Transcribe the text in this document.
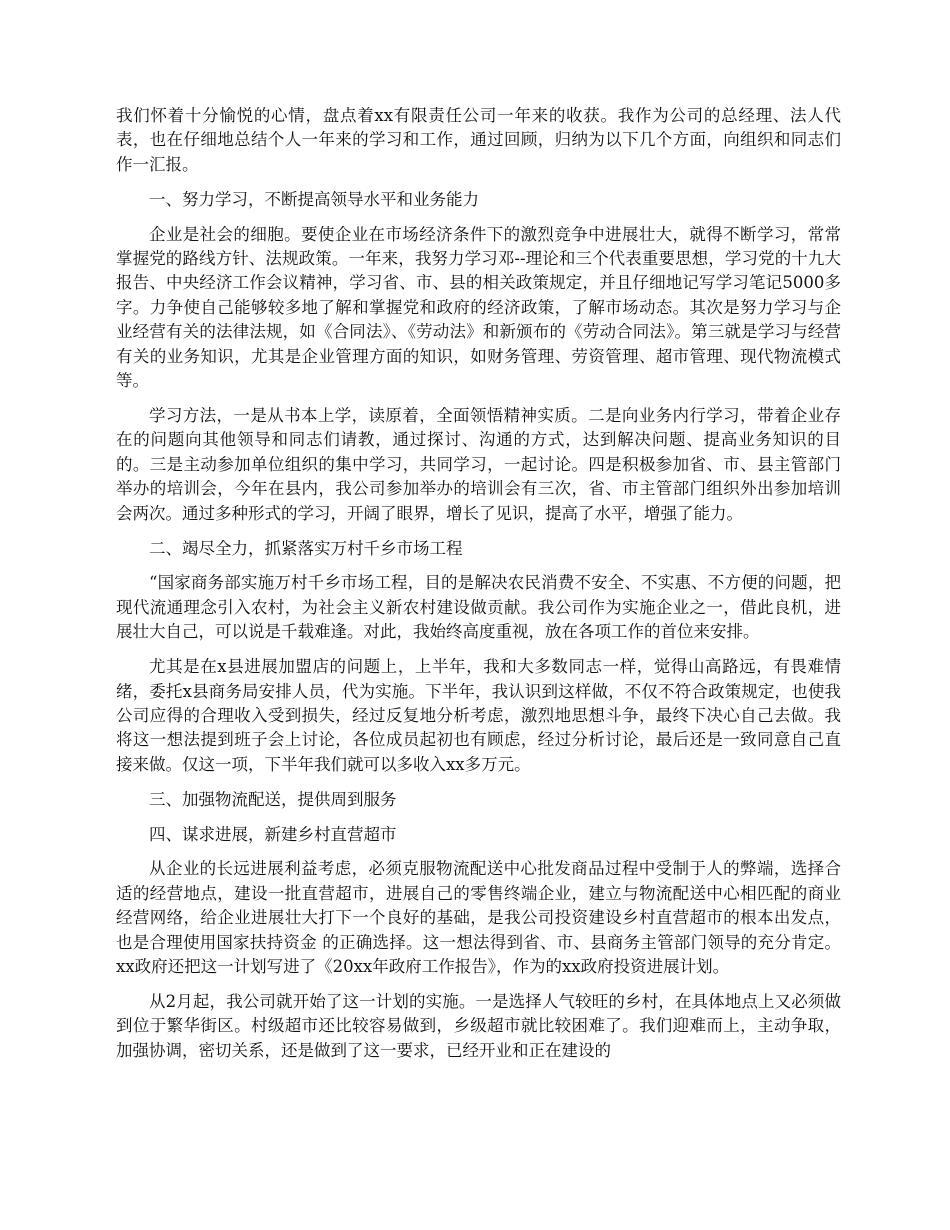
我们怀着十分愉悦的心情，盘点着xx有限责任公司一年来的收获。我作为公司的总经理、法人代表，也在仔细地总结个人一年来的学习和工作，通过回顾，归纳为以下几个方面，向组织和同志们作一汇报。

一、努力学习，不断提高领导水平和业务能力

企业是社会的细胞。要使企业在市场经济条件下的激烈竞争中进展壮大，就得不断学习，常常掌握党的路线方针、法规政策。一年来，我努力学习邓--理论和三个代表重要思想，学习党的十九大报告、中央经济工作会议精神，学习省、市、县的相关政策规定，并且仔细地记写学习笔记5000多字。力争使自己能够较多地了解和掌握党和政府的经济政策，了解市场动态。其次是努力学习与企业经营有关的法律法规，如《合同法》、《劳动法》和新颁布的《劳动合同法》。第三就是学习与经营有关的业务知识，尤其是企业管理方面的知识，如财务管理、劳资管理、超市管理、现代物流模式等。

学习方法，一是从书本上学，读原着，全面领悟精神实质。二是向业务内行学习，带着企业存在的问题向其他领导和同志们请教，通过探讨、沟通的方式，达到解决问题、提高业务知识的目的。三是主动参加单位组织的集中学习，共同学习，一起讨论。四是积极参加省、市、县主管部门举办的培训会，今年在县内，我公司参加举办的培训会有三次，省、市主管部门组织外出参加培训会两次。通过多种形式的学习，开阔了眼界，增长了见识，提高了水平，增强了能力。

二、竭尽全力，抓紧落实万村千乡市场工程

“国家商务部实施万村千乡市场工程，目的是解决农民消费不安全、不实惠、不方便的问题，把现代流通理念引入农村，为社会主义新农村建设做贡献。我公司作为实施企业之一，借此良机，进展壮大自己，可以说是千载难逢。对此，我始终高度重视，放在各项工作的首位来安排。

尤其是在x县进展加盟店的问题上，上半年，我和大多数同志一样，觉得山高路远，有畏难情绪，委托x县商务局安排人员，代为实施。下半年，我认识到这样做，不仅不符合政策规定，也使我公司应得的合理收入受到损失，经过反复地分析考虑，激烈地思想斗争，最终下决心自己去做。我将这一想法提到班子会上讨论，各位成员起初也有顾虑，经过分析讨论，最后还是一致同意自己直接来做。仅这一项，下半年我们就可以多收入xx多万元。

三、加强物流配送，提供周到服务

四、谋求进展，新建乡村直营超市

从企业的长远进展利益考虑，必须克服物流配送中心批发商品过程中受制于人的弊端，选择合适的经营地点，建设一批直营超市，进展自己的零售终端企业，建立与物流配送中心相匹配的商业经营网络，给企业进展壮大打下一个良好的基础，是我公司投资建设乡村直营超市的根本出发点，也是合理使用国家扶持资金 的正确选择。这一想法得到省、市、县商务主管部门领导的充分肯定。xx政府还把这一计划写进了《20xx年政府工作报告》，作为的xx政府投资进展计划。

从2月起，我公司就开始了这一计划的实施。一是选择人气较旺的乡村，在具体地点上又必须做到位于繁华街区。村级超市还比较容易做到，乡级超市就比较困难了。我们迎难而上，主动争取，加强协调，密切关系，还是做到了这一要求，已经开业和正在建设的
